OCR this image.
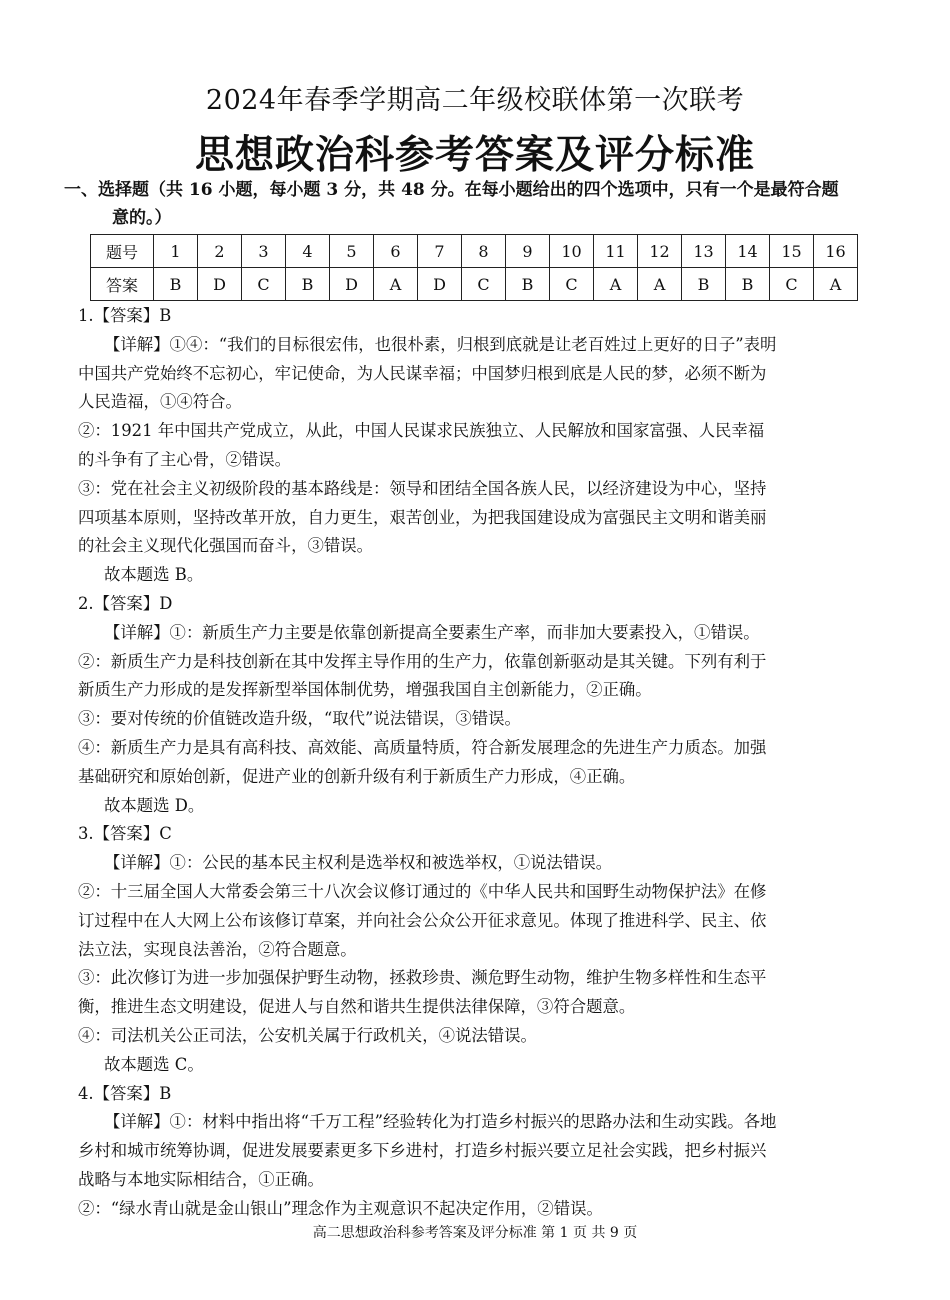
2024年春季学期高二年级校联体第一次联考
思想政治科参考答案及评分标准
一、选择题（共 16 小题，每小题 3 分，共 48 分。在每小题给出的四个选项中，只有一个是最符合题
意的。）
题号	1	2	3	4	5	6	7	8	9	10	11	12	13	14	15	16
答案	B	D	C	B	D	A	D	C	B	C	A	A	B	B	C	A
1.【答案】B
【详解】①④：“我们的目标很宏伟，也很朴素，归根到底就是让老百姓过上更好的日子”表明
中国共产党始终不忘初心，牢记使命，为人民谋幸福；中国梦归根到底是人民的梦，必须不断为
人民造福，①④符合。
②：1921 年中国共产党成立，从此，中国人民谋求民族独立、人民解放和国家富强、人民幸福
的斗争有了主心骨，②错误。
③：党在社会主义初级阶段的基本路线是：领导和团结全国各族人民，以经济建设为中心，坚持
四项基本原则，坚持改革开放，自力更生，艰苦创业，为把我国建设成为富强民主文明和谐美丽
的社会主义现代化强国而奋斗，③错误。
故本题选 B。
2.【答案】D
【详解】①：新质生产力主要是依靠创新提高全要素生产率，而非加大要素投入，①错误。
②：新质生产力是科技创新在其中发挥主导作用的生产力，依靠创新驱动是其关键。下列有利于
新质生产力形成的是发挥新型举国体制优势，增强我国自主创新能力，②正确。
③：要对传统的价值链改造升级，“取代”说法错误，③错误。
④：新质生产力是具有高科技、高效能、高质量特质，符合新发展理念的先进生产力质态。加强
基础研究和原始创新，促进产业的创新升级有利于新质生产力形成，④正确。
故本题选 D。
3.【答案】C
【详解】①：公民的基本民主权利是选举权和被选举权，①说法错误。
②：十三届全国人大常委会第三十八次会议修订通过的《中华人民共和国野生动物保护法》在修
订过程中在人大网上公布该修订草案，并向社会公众公开征求意见。体现了推进科学、民主、依
法立法，实现良法善治，②符合题意。
③：此次修订为进一步加强保护野生动物，拯救珍贵、濒危野生动物，维护生物多样性和生态平
衡，推进生态文明建设，促进人与自然和谐共生提供法律保障，③符合题意。
④：司法机关公正司法，公安机关属于行政机关，④说法错误。
故本题选 C。
4.【答案】B
【详解】①：材料中指出将“千万工程”经验转化为打造乡村振兴的思路办法和生动实践。各地
乡村和城市统筹协调，促进发展要素更多下乡进村，打造乡村振兴要立足社会实践，把乡村振兴
战略与本地实际相结合，①正确。
②：“绿水青山就是金山银山”理念作为主观意识不起决定作用，②错误。
高二思想政治科参考答案及评分标准 第 1 页 共 9 页
